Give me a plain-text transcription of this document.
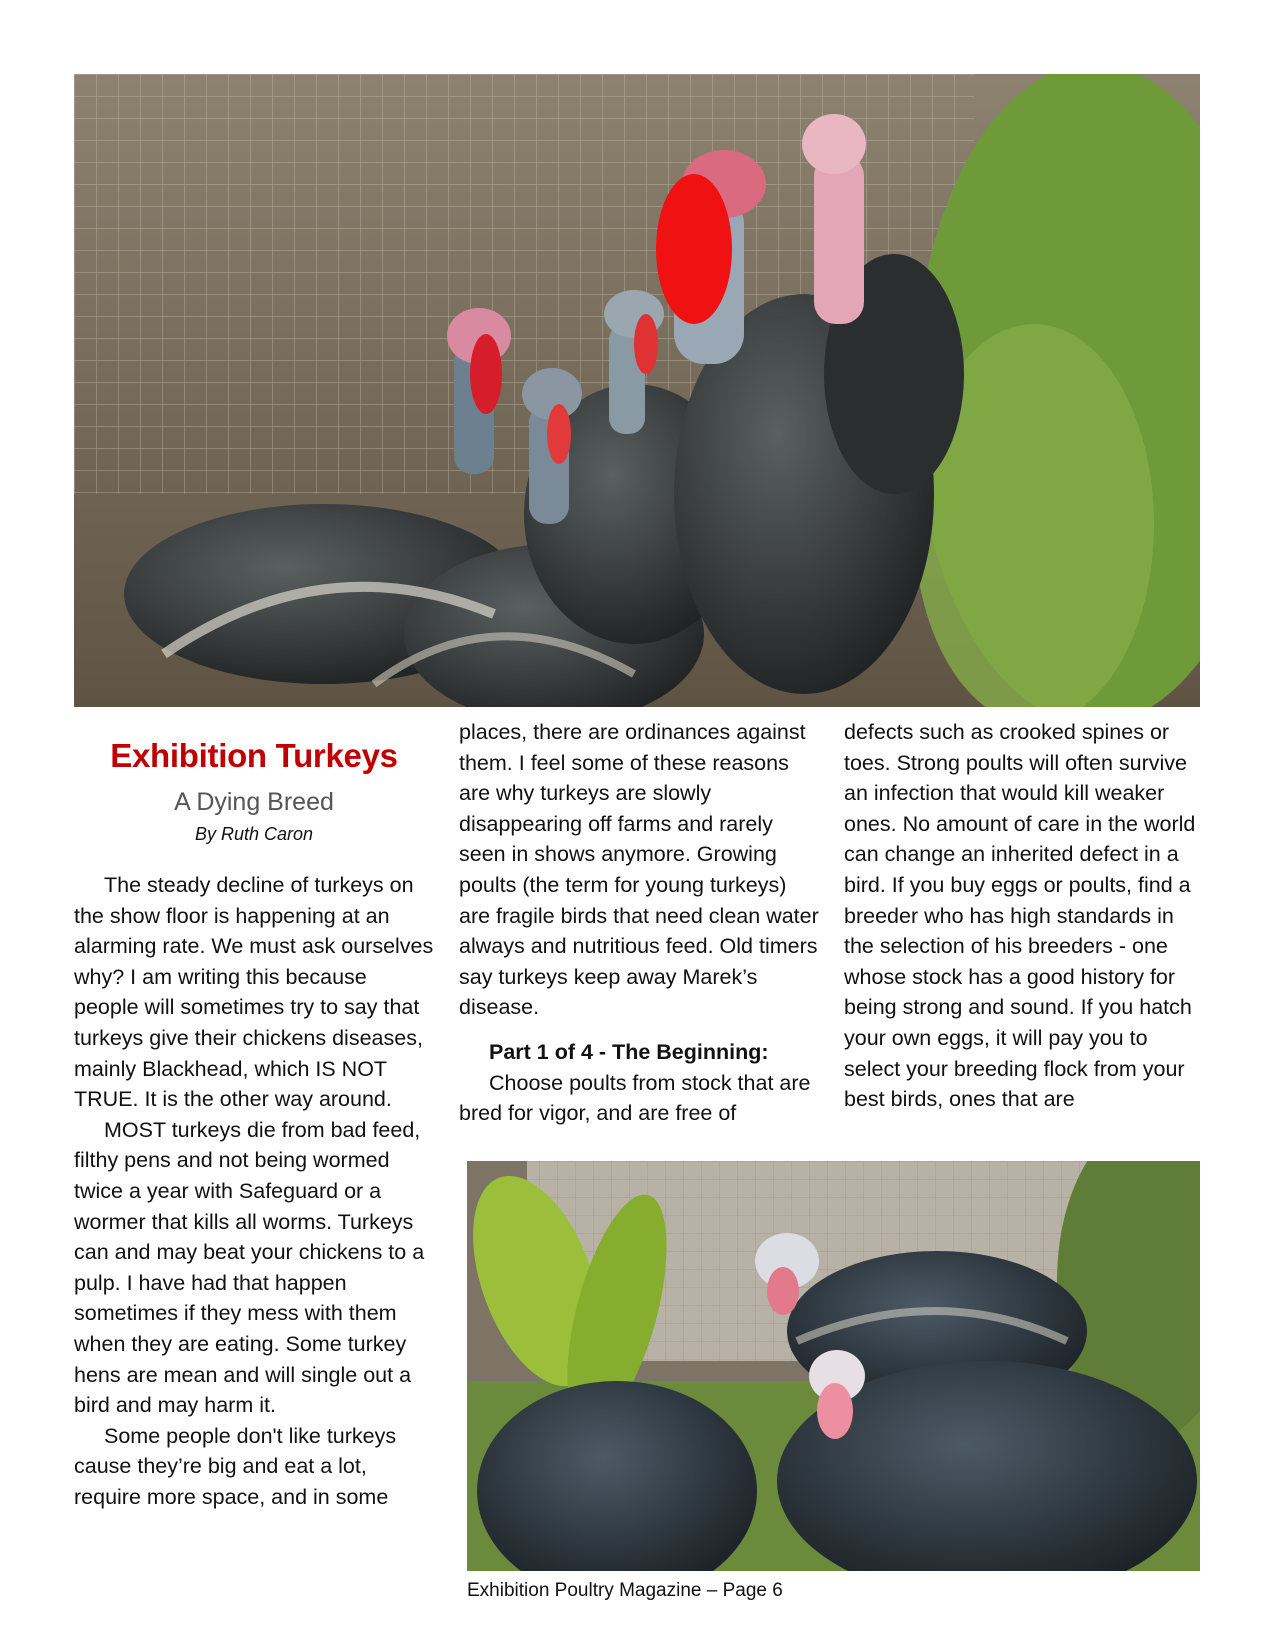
Exhibition Turkeys
A Dying Breed
By Ruth Caron

The steady decline of turkeys on the show floor is happening at an alarming rate. We must ask ourselves why? I am writing this because people will sometimes try to say that turkeys give their chickens diseases, mainly Blackhead, which IS NOT TRUE. It is the other way around.

MOST turkeys die from bad feed, filthy pens and not being wormed twice a year with Safeguard or a wormer that kills all worms. Turkeys can and may beat your chickens to a pulp. I have had that happen sometimes if they mess with them when they are eating. Some turkey hens are mean and will single out a bird and may harm it.

Some people don't like turkeys cause they’re big and eat a lot, require more space, and in some

places, there are ordinances against them. I feel some of these reasons are why turkeys are slowly disappearing off farms and rarely seen in shows anymore. Growing poults (the term for young turkeys) are fragile birds that need clean water always and nutritious feed. Old timers say turkeys keep away Marek’s disease.

Part 1 of 4 - The Beginning:

Choose poults from stock that are bred for vigor, and are free of

defects such as crooked spines or toes. Strong poults will often survive an infection that would kill weaker ones. No amount of care in the world can change an inherited defect in a bird. If you buy eggs or poults, find a breeder who has high standards in the selection of his breeders - one whose stock has a good history for being strong and sound. If you hatch your own eggs, it will pay you to select your breeding flock from your best birds, ones that are

Exhibition Poultry Magazine – Page 6
